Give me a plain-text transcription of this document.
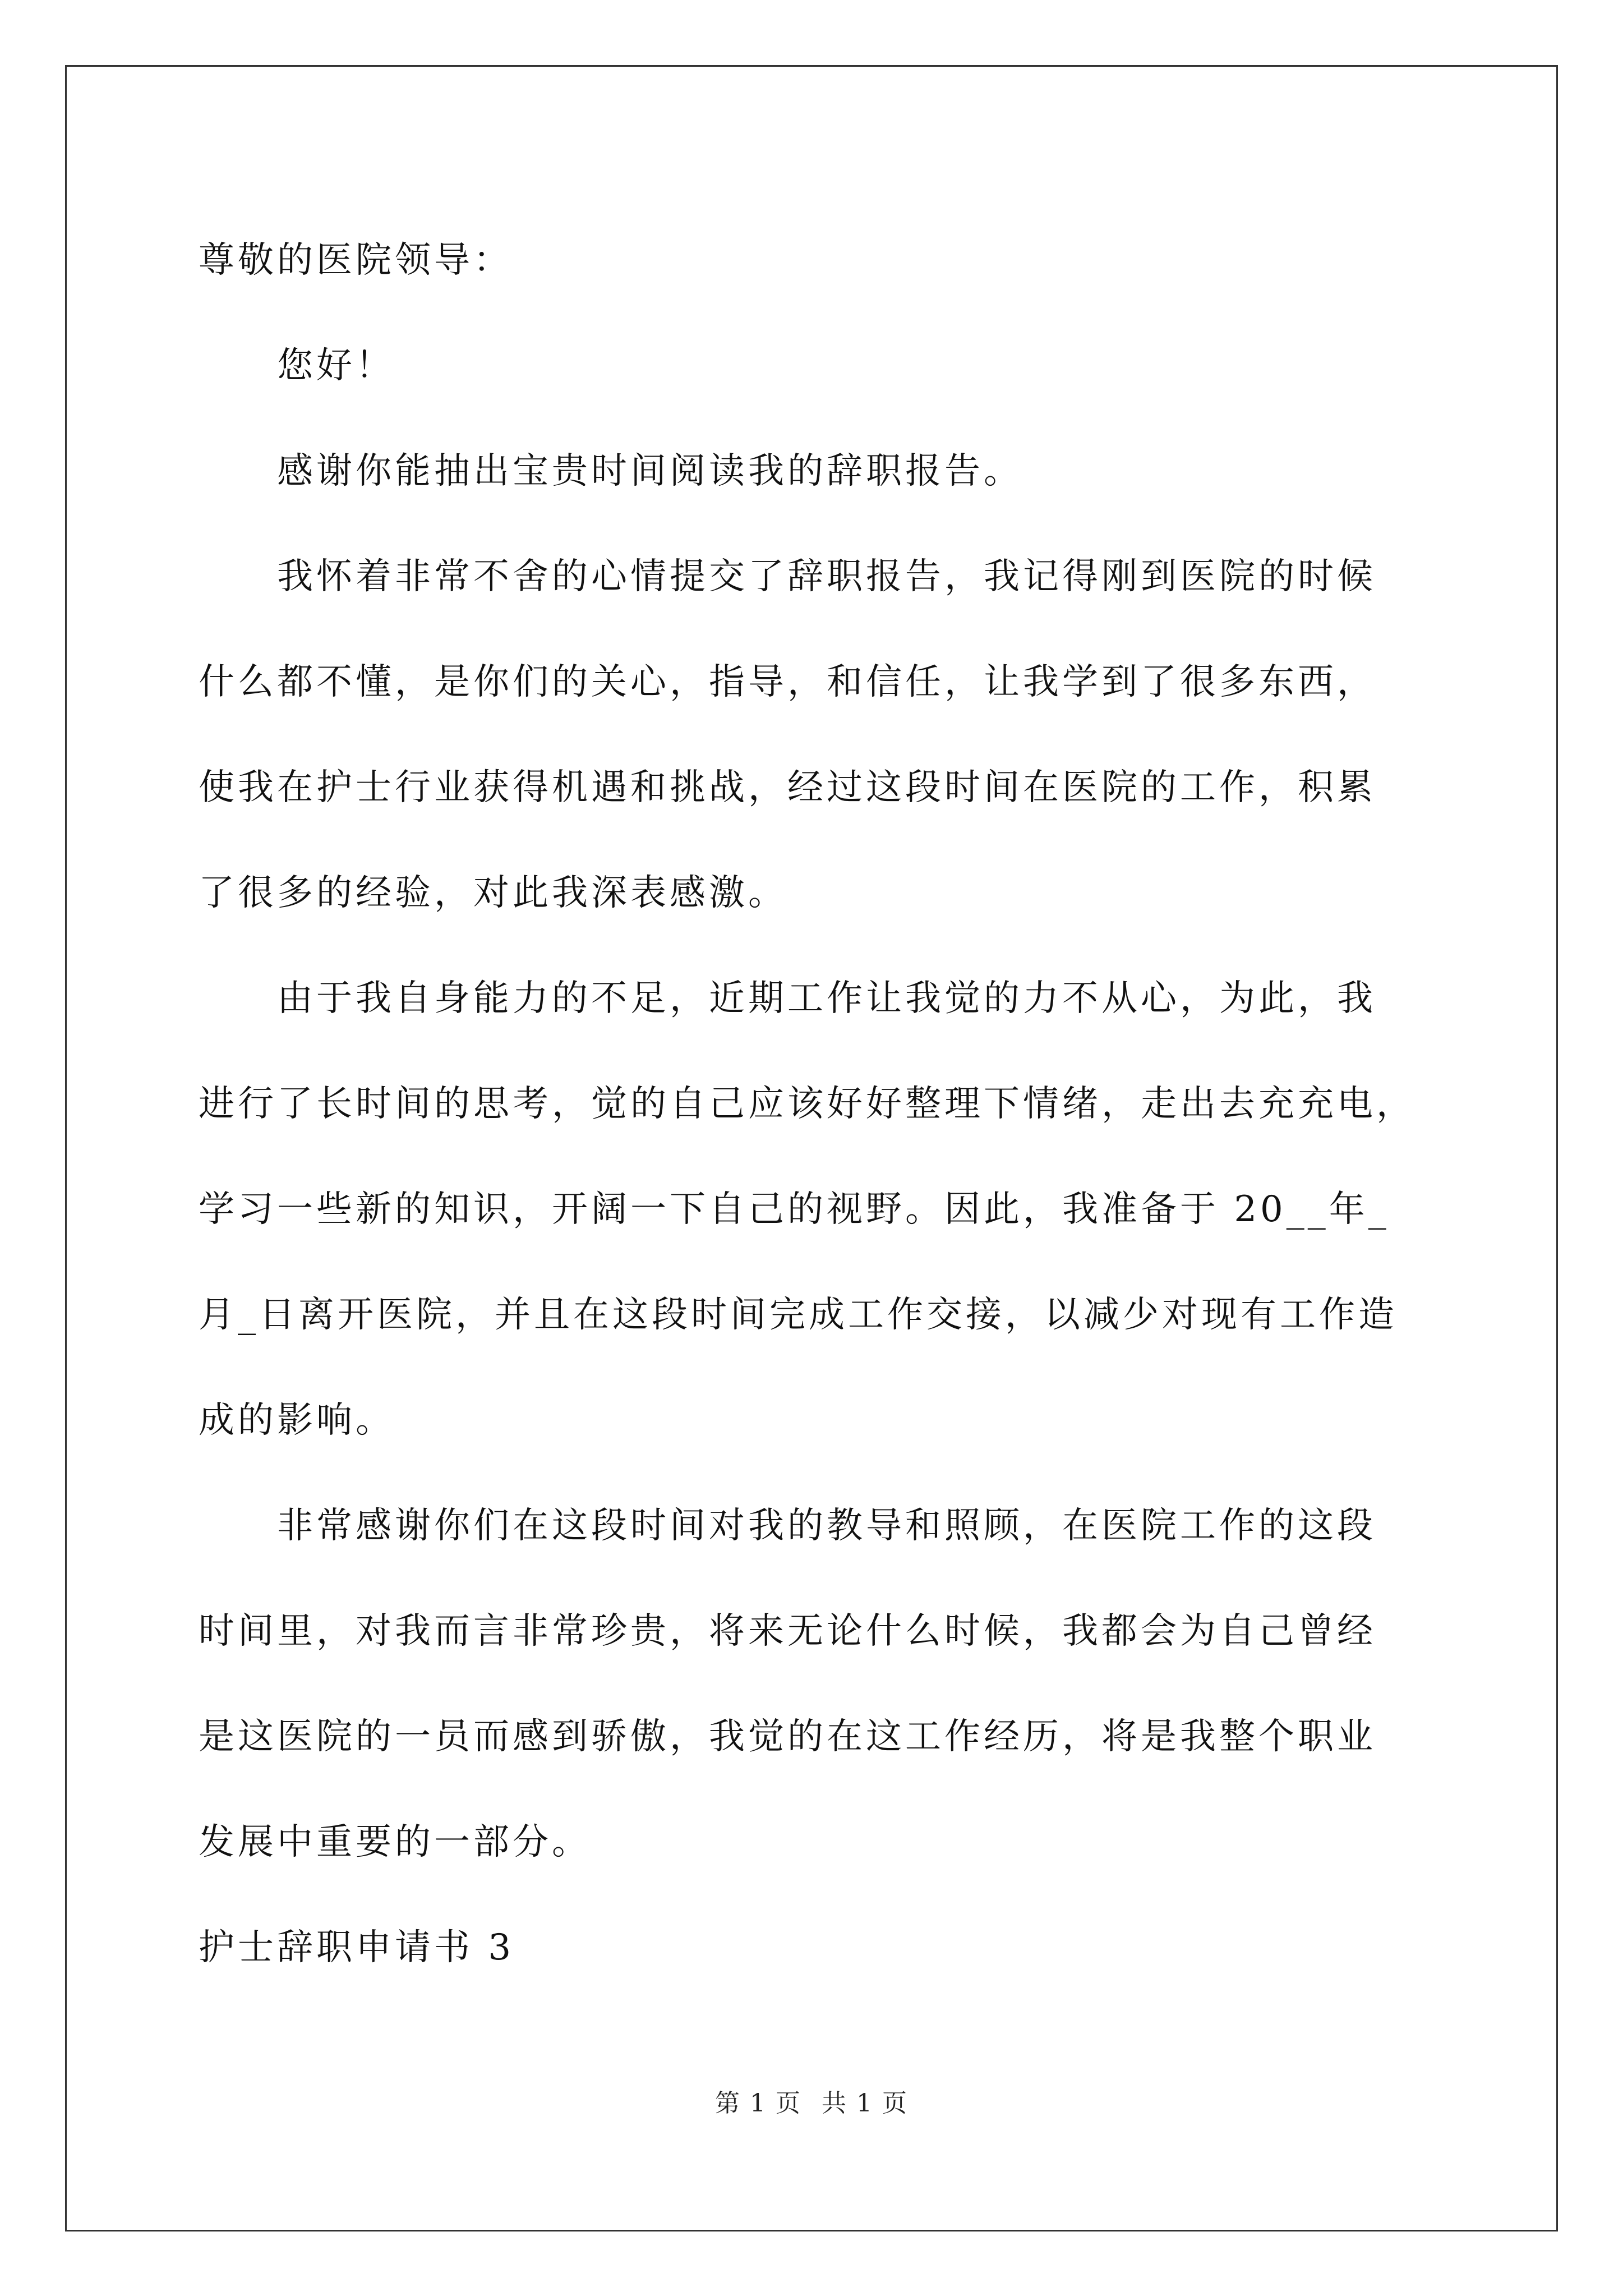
尊敬的医院领导：
　　您好！
　　感谢你能抽出宝贵时间阅读我的辞职报告。
　　我怀着非常不舍的心情提交了辞职报告，我记得刚到医院的时候
什么都不懂，是你们的关心，指导，和信任，让我学到了很多东西，
使我在护士行业获得机遇和挑战，经过这段时间在医院的工作，积累
了很多的经验，对此我深表感激。
　　由于我自身能力的不足，近期工作让我觉的力不从心，为此，我
进行了长时间的思考，觉的自己应该好好整理下情绪，走出去充充电，
学习一些新的知识，开阔一下自己的视野。因此，我准备于 20__年_
月_日离开医院，并且在这段时间完成工作交接，以减少对现有工作造
成的影响。
　　非常感谢你们在这段时间对我的教导和照顾，在医院工作的这段
时间里，对我而言非常珍贵，将来无论什么时候，我都会为自己曾经
是这医院的一员而感到骄傲，我觉的在这工作经历，将是我整个职业
发展中重要的一部分。
护士辞职申请书 3
第 1 页 共 1 页
